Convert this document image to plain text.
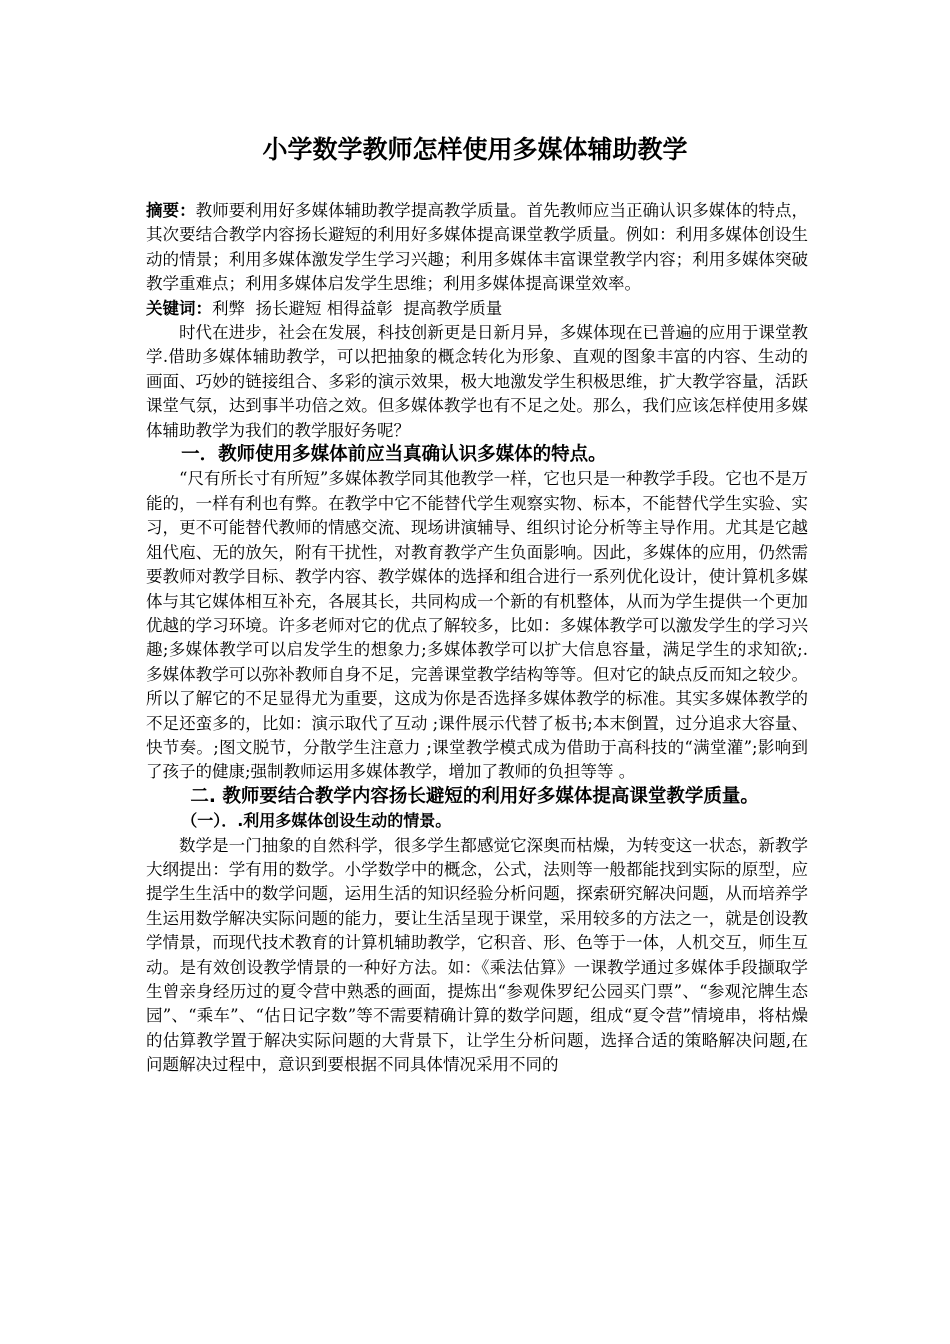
小学数学教师怎样使用多媒体辅助教学

摘要：教师要利用好多媒体辅助教学提高教学质量。首先教师应当正确认识多媒体的特点，其次要结合教学内容扬长避短的利用好多媒体提高课堂教学质量。例如：利用多媒体创设生动的情景；利用多媒体激发学生学习兴趣；利用多媒体丰富课堂教学内容；利用多媒体突破教学重难点；利用多媒体启发学生思维；利用多媒体提高课堂效率。

关键词：利弊  扬长避短 相得益彰  提高教学质量

时代在进步，社会在发展，科技创新更是日新月异，多媒体现在已普遍的应用于课堂教学.借助多媒体辅助教学，可以把抽象的概念转化为形象、直观的图象丰富的内容、生动的画面、巧妙的链接组合、多彩的演示效果，极大地激发学生积极思维，扩大教学容量，活跃课堂气氛，达到事半功倍之效。但多媒体教学也有不足之处。那么，我们应该怎样使用多媒体辅助教学为我们的教学服好务呢？

一．教师使用多媒体前应当真确认识多媒体的特点。

“尺有所长寸有所短”多媒体教学同其他教学一样，它也只是一种教学手段。它也不是万能的，一样有利也有弊。在教学中它不能替代学生观察实物、标本，不能替代学生实验、实习，更不可能替代教师的情感交流、现场讲演辅导、组织讨论分析等主导作用。尤其是它越俎代庖、无的放矢，附有干扰性，对教育教学产生负面影响。因此，多媒体的应用，仍然需要教师对教学目标、教学内容、教学媒体的选择和组合进行一系列优化设计，使计算机多媒体与其它媒体相互补充，各展其长，共同构成一个新的有机整体，从而为学生提供一个更加优越的学习环境。许多老师对它的优点了解较多，比如：多媒体教学可以激发学生的学习兴趣;多媒体教学可以启发学生的想象力;多媒体教学可以扩大信息容量，满足学生的求知欲;.多媒体教学可以弥补教师自身不足，完善课堂教学结构等等。但对它的缺点反而知之较少。所以了解它的不足显得尤为重要，这成为你是否选择多媒体教学的标准。其实多媒体教学的不足还蛮多的，比如：演示取代了互动 ;课件展示代替了板书;本末倒置，过分追求大容量、快节奏。;图文脱节，分散学生注意力 ;课堂教学模式成为借助于高科技的“满堂灌”;影响到了孩子的健康;强制教师运用多媒体教学，增加了教师的负担等等 。

二. 教师要结合教学内容扬长避短的利用好多媒体提高课堂教学质量。

（一）．.利用多媒体创设生动的情景。

数学是一门抽象的自然科学，很多学生都感觉它深奥而枯燥，为转变这一状态，新教学大纲提出：学有用的数学。小学数学中的概念，公式，法则等一般都能找到实际的原型，应提学生生活中的数学问题，运用生活的知识经验分析问题，探索研究解决问题，从而培养学生运用数学解决实际问题的能力，要让生活呈现于课堂，采用较多的方法之一，就是创设教学情景，而现代技术教育的计算机辅助教学，它积音、形、色等于一体，人机交互，师生互动。是有效创设教学情景的一种好方法。如：《乘法估算》一课教学通过多媒体手段撷取学生曾亲身经历过的夏令营中熟悉的画面，提炼出“参观侏罗纪公园买门票”、“参观沱牌生态园”、“乘车”、“估日记字数”等不需要精确计算的数学问题，组成“夏令营”情境串，将枯燥的估算教学置于解决实际问题的大背景下，让学生分析问题，选择合适的策略解决问题,在问题解决过程中，意识到要根据不同具体情况采用不同的
